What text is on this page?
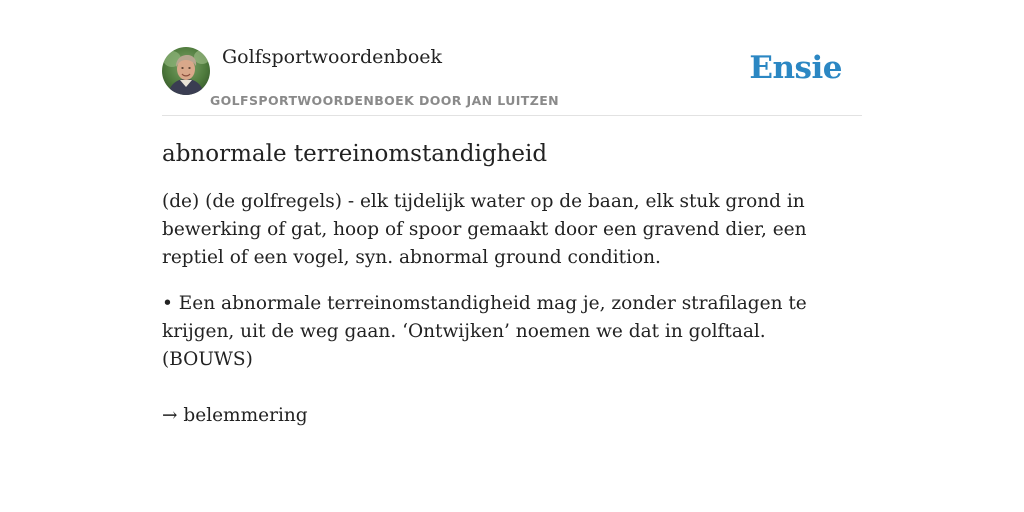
Golfsportwoordenboek
GOLFSPORTWOORDENBOEK DOOR JAN LUITZEN
Ensie
abnormale terreinomstandigheid

(de) (de golfregels) - elk tijdelijk water op de baan, elk stuk grond in bewerking of gat, hoop of spoor gemaakt door een gravend dier, een reptiel of een vogel, syn. abnormal ground condition.

• Een abnormale terreinomstandigheid mag je, zonder strafilagen te krijgen, uit de weg gaan. ‘Ontwijken’ noemen we dat in golftaal. (BOUWS)

→ belemmering
